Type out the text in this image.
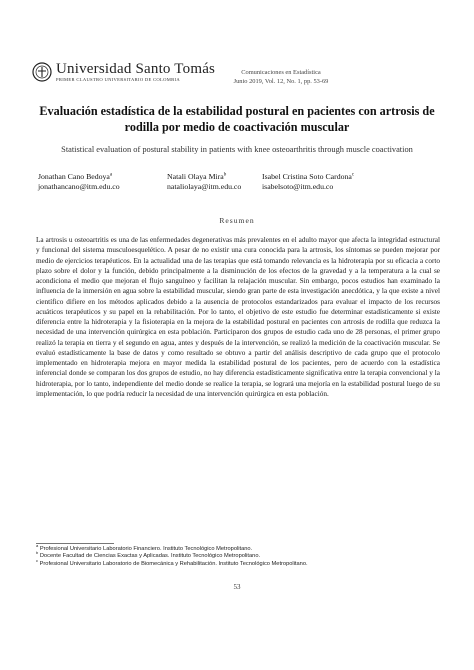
Universidad Santo Tomás
PRIMER CLAUSTRO UNIVERSITARIO DE COLOMBIA
Comunicaciones en Estadística
Junio 2019, Vol. 12, No. 1, pp. 53-69
Evaluación estadística de la estabilidad postural en pacientes con artrosis de rodilla por medio de coactivación muscular
Statistical evaluation of postural stability in patients with knee osteoarthritis through muscle coactivation
Jonathan Cano Bedoya$^a$
jonathancano@itm.edu.co
Natali Olaya Mira$^b$
nataliolaya@itm.edu.co
Isabel Cristina Soto Cardona$^c$
isabelsoto@itm.edu.co
Resumen

La artrosis u osteoartritis es una de las enfermedades degenerativas más prevalentes en el adulto mayor que afecta la integridad estructural y funcional del sistema musculoesquelético. A pesar de no existir una cura conocida para la artrosis, los síntomas se pueden mejorar por medio de ejercicios terapéuticos. En la actualidad una de las terapias que está tomando relevancia es la hidroterapia por su eficacia a corto plazo sobre el dolor y la función, debido principalmente a la disminución de los efectos de la gravedad y a la temperatura a la cual se acondiciona el medio que mejoran el flujo sanguíneo y facilitan la relajación muscular. Sin embargo, pocos estudios han examinado la influencia de la inmersión en agua sobre la estabilidad muscular, siendo gran parte de esta investigación anecdótica, y la que existe a nivel científico difiere en los métodos aplicados debido a la ausencia de protocolos estandarizados para evaluar el impacto de los recursos acuáticos terapéuticos y su papel en la rehabilitación. Por lo tanto, el objetivo de este estudio fue determinar estadísticamente si existe diferencia entre la hidroterapia y la fisioterapia en la mejora de la estabilidad postural en pacientes con artrosis de rodilla que reduzca la necesidad de una intervención quirúrgica en esta población. Participaron dos grupos de estudio cada uno de 28 personas, el primer grupo realizó la terapia en tierra y el segundo en agua, antes y después de la intervención, se realizó la medición de la coactivación muscular. Se evaluó estadísticamente la base de datos y como resultado se obtuvo a partir del análisis descriptivo de cada grupo que el protocolo implementado en hidroterapia mejora en mayor medida la estabilidad postural de los pacientes, pero de acuerdo con la estadística inferencial donde se comparan los dos grupos de estudio, no hay diferencia estadísticamente significativa entre la terapia convencional y la hidroterapia, por lo tanto, independiente del medio donde se realice la terapia, se logrará una mejoría en la estabilidad postural luego de su implementación, lo que podría reducir la necesidad de una intervención quirúrgica en esta población.

$^a$ Profesional Universitario Laboratorio Financiero. Instituto Tecnológico Metropolitano.
$^b$ Docente Facultad de Ciencias Exactas y Aplicadas. Instituto Tecnológico Metropolitano.
$^c$ Profesional Universitario Laboratorio de Biomecánica y Rehabilitación. Instituto Tecnológico Metropolitano.
53
